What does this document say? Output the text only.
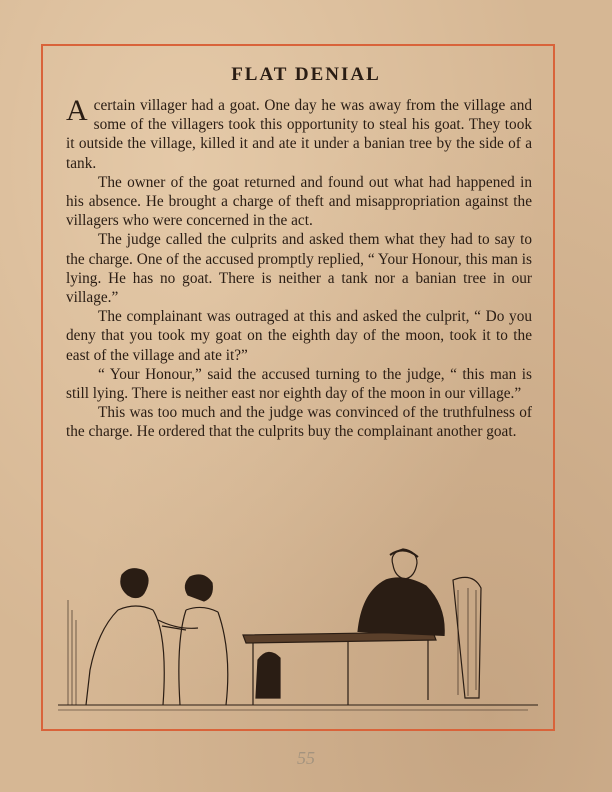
FLAT DENIAL

Acertain villager had a goat. One day he was away from the village and some of the villagers took this opportunity to steal his goat. They took it outside the village, killed it and ate it under a banian tree by the side of a tank.

The owner of the goat returned and found out what had happened in his absence. He brought a charge of theft and misappropriation against the villagers who were concerned in the act.

The judge called the culprits and asked them what they had to say to the charge. One of the accused promptly replied, “ Your Honour, this man is lying. He has no goat. There is neither a tank nor a banian tree in our village.”

The complainant was outraged at this and asked the culprit, “ Do you deny that you took my goat on the eighth day of the moon, took it to the east of the village and ate it?”

“ Your Honour,” said the accused turning to the judge, “ this man is still lying. There is neither east nor eighth day of the moon in our village.”

This was too much and the judge was convinced of the truthfulness of the charge. He ordered that the culprits buy the complainant another goat.

55
